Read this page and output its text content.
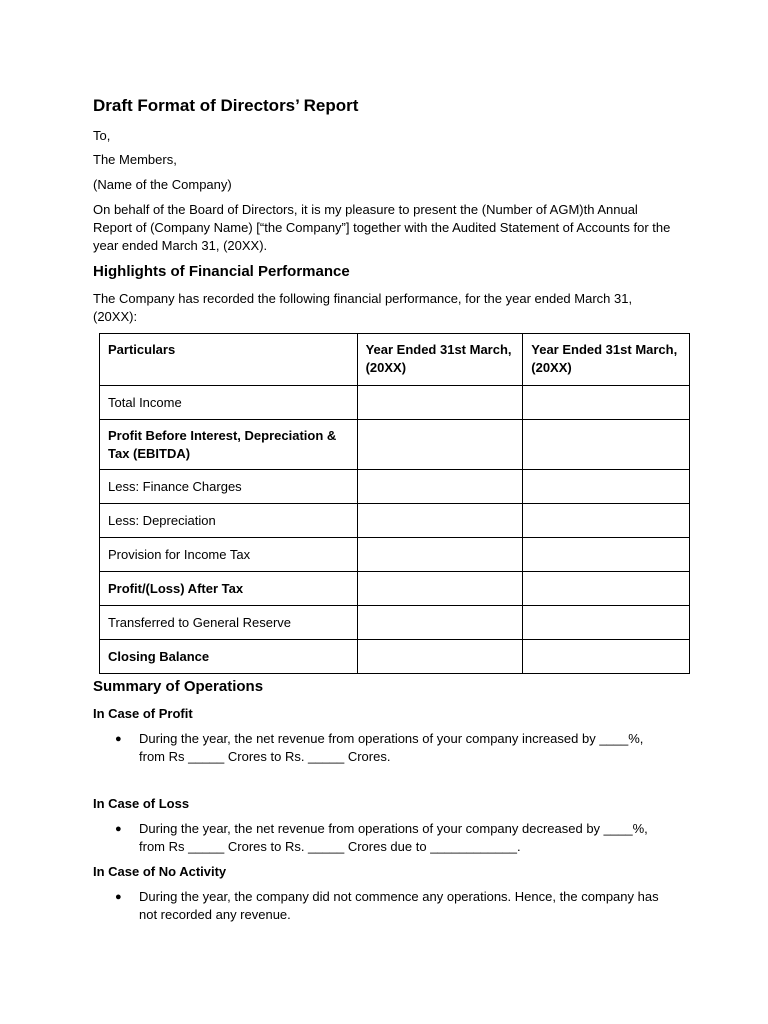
Draft Format of Directors’ Report
To,
The Members,
(Name of the Company)
On behalf of the Board of Directors, it is my pleasure to present the (Number of AGM)th Annual Report of (Company Name) [“the Company”] together with the Audited Statement of Accounts for the year ended March 31, (20XX).
Highlights of Financial Performance
The Company has recorded the following financial performance, for the year ended March 31, (20XX):
Particulars	Year Ended 31st March, (20XX)	Year Ended 31st March, (20XX)
Total Income		
Profit Before Interest, Depreciation & Tax (EBITDA)		
Less: Finance Charges		
Less: Depreciation		
Provision for Income Tax		
Profit/(Loss) After Tax		
Transferred to General Reserve		
Closing Balance		
Summary of Operations
In Case of Profit
● During the year, the net revenue from operations of your company increased by ____%, from Rs _____ Crores to Rs. _____ Crores.
In Case of Loss
● During the year, the net revenue from operations of your company decreased by ____%, from Rs _____ Crores to Rs. _____ Crores due to ____________.
In Case of No Activity
● During the year, the company did not commence any operations. Hence, the company has not recorded any revenue.
